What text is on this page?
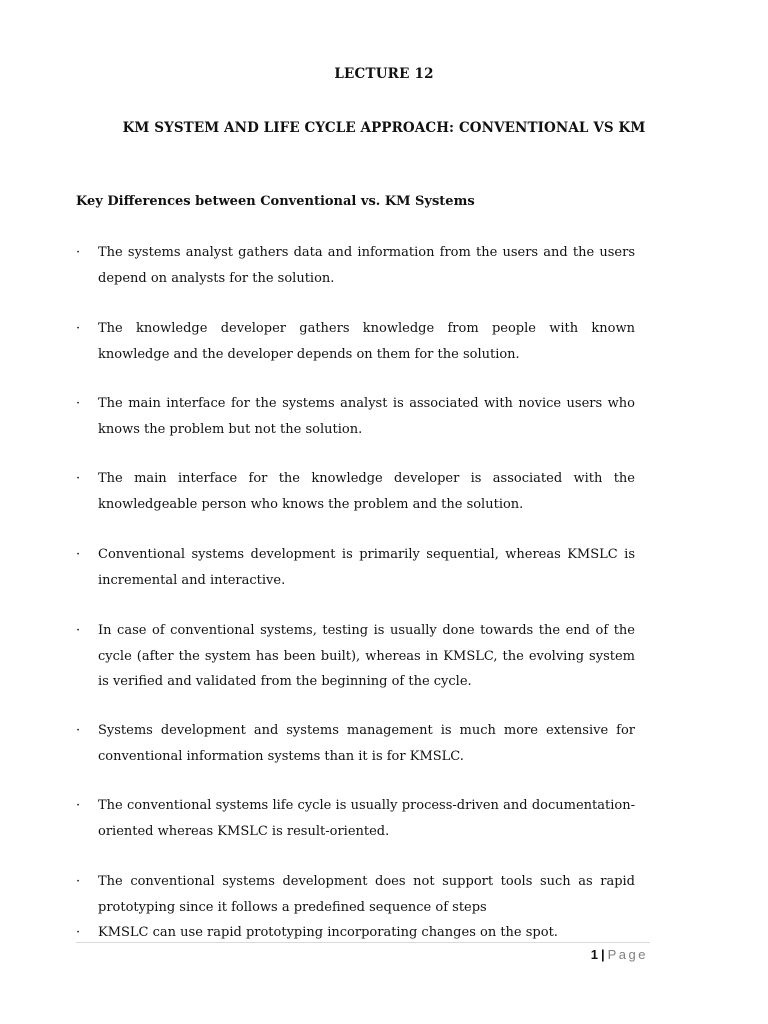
LECTURE 12
KM SYSTEM AND LIFE CYCLE APPROACH: CONVENTIONAL VS KM
Key Differences between Conventional vs. KM Systems
·	The systems analyst gathers data and information from the users and the users depend on analysts for the solution.
·	The knowledge developer gathers knowledge from people with known knowledge and the developer depends on them for the solution.
·	The main interface for the systems analyst is associated with novice users who knows the problem but not the solution.
·	The main interface for the knowledge developer is associated with the knowledgeable person who knows the problem and the solution.
·	Conventional systems development is primarily sequential, whereas KMSLC is incremental and interactive.
·	In case of conventional systems, testing is usually done towards the end of the cycle (after the system has been built), whereas in KMSLC, the evolving system is verified and validated from the beginning of the cycle.
·	Systems development and systems management is much more extensive for conventional information systems than it is for KMSLC.
·	The conventional systems life cycle is usually process-driven and documentation-oriented whereas KMSLC is result-oriented.
·	The conventional systems development does not support tools such as rapid prototyping since it follows a predefined sequence of steps
·	KMSLC can use rapid prototyping incorporating changes on the spot.
1 | Page
